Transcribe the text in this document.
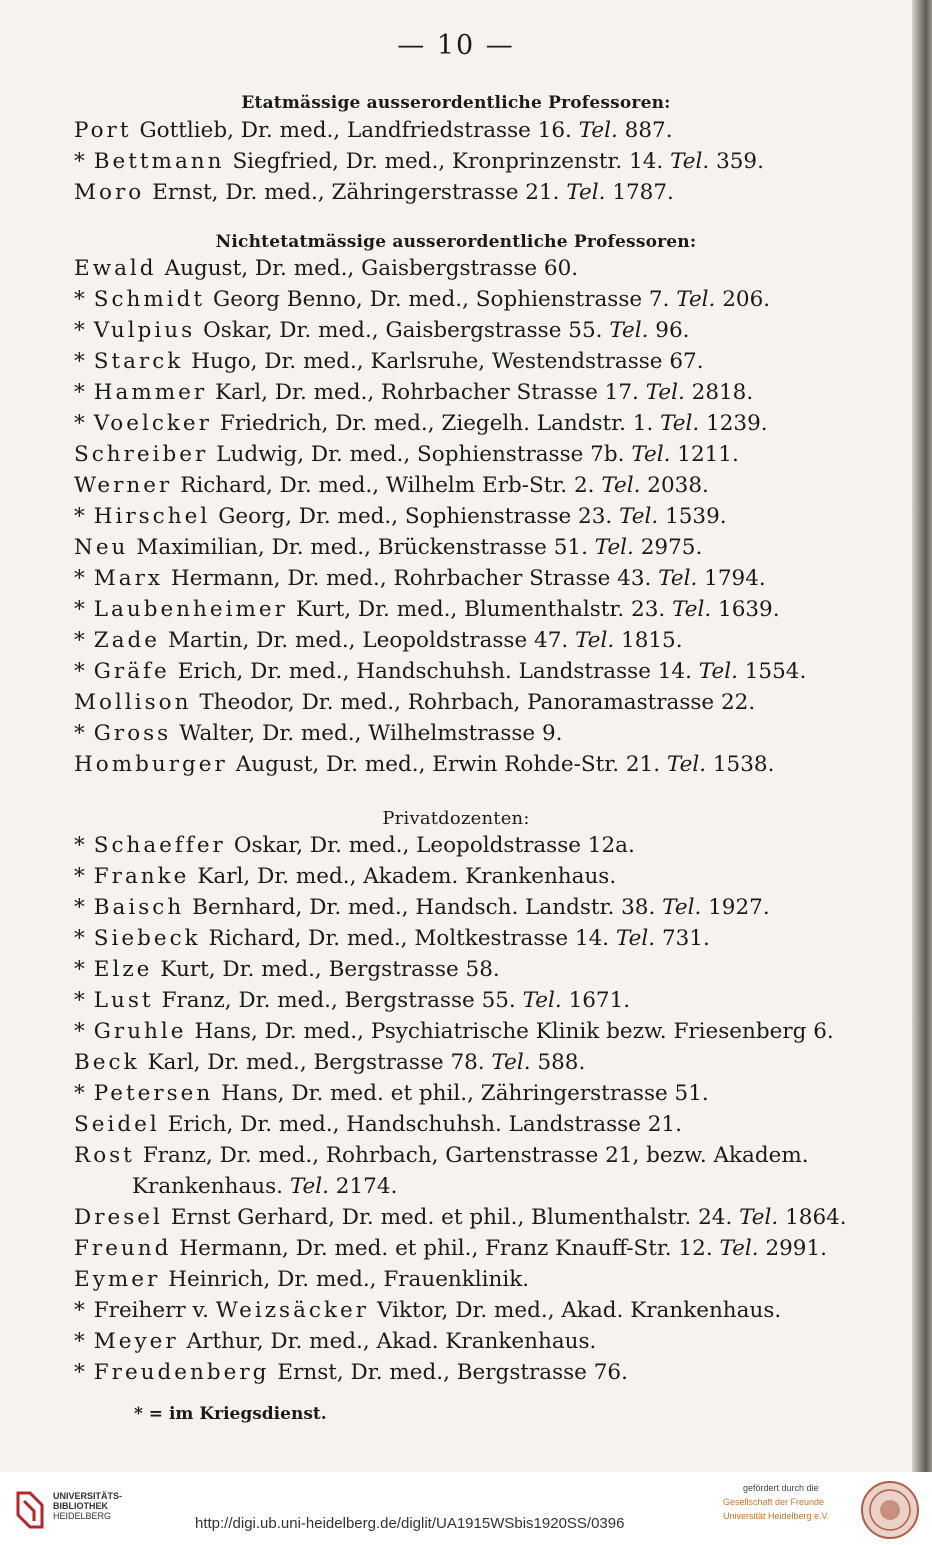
— 10 —
Etatmässige ausserordentliche Professoren:
Port Gottlieb, Dr. med., Landfriedstrasse 16. Tel. 887.
* Bettmann Siegfried, Dr. med., Kronprinzenstr. 14. Tel. 359.
Moro Ernst, Dr. med., Zähringerstrasse 21. Tel. 1787.
Nichtetatmässige ausserordentliche Professoren:
Ewald August, Dr. med., Gaisbergstrasse 60.
* Schmidt Georg Benno, Dr. med., Sophienstrasse 7. Tel. 206.
* Vulpius Oskar, Dr. med., Gaisbergstrasse 55. Tel. 96.
* Starck Hugo, Dr. med., Karlsruhe, Westendstrasse 67.
* Hammer Karl, Dr. med., Rohrbacher Strasse 17. Tel. 2818.
* Voelcker Friedrich, Dr. med., Ziegelh. Landstr. 1. Tel. 1239.
Schreiber Ludwig, Dr. med., Sophienstrasse 7b. Tel. 1211.
Werner Richard, Dr. med., Wilhelm Erb-Str. 2. Tel. 2038.
* Hirschel Georg, Dr. med., Sophienstrasse 23. Tel. 1539.
Neu Maximilian, Dr. med., Brückenstrasse 51. Tel. 2975.
* Marx Hermann, Dr. med., Rohrbacher Strasse 43. Tel. 1794.
* Laubenheimer Kurt, Dr. med., Blumenthalstr. 23. Tel. 1639.
* Zade Martin, Dr. med., Leopoldstrasse 47. Tel. 1815.
* Gräfe Erich, Dr. med., Handschuhsh. Landstrasse 14. Tel. 1554.
Mollison Theodor, Dr. med., Rohrbach, Panoramastrasse 22.
* Gross Walter, Dr. med., Wilhelmstrasse 9.
Homburger August, Dr. med., Erwin Rohde-Str. 21. Tel. 1538.
Privatdozenten:
* Schaeffer Oskar, Dr. med., Leopoldstrasse 12a.
* Franke Karl, Dr. med., Akadem. Krankenhaus.
* Baisch Bernhard, Dr. med., Handsch. Landstr. 38. Tel. 1927.
* Siebeck Richard, Dr. med., Moltkestrasse 14. Tel. 731.
* Elze Kurt, Dr. med., Bergstrasse 58.
* Lust Franz, Dr. med., Bergstrasse 55. Tel. 1671.
* Gruhle Hans, Dr. med., Psychiatrische Klinik bezw. Friesenberg 6.
Beck Karl, Dr. med., Bergstrasse 78. Tel. 588.
* Petersen Hans, Dr. med. et phil., Zähringerstrasse 51.
Seidel Erich, Dr. med., Handschuhsh. Landstrasse 21.
Rost Franz, Dr. med., Rohrbach, Gartenstrasse 21, bezw. Akadem.
Krankenhaus. Tel. 2174.
Dresel Ernst Gerhard, Dr. med. et phil., Blumenthalstr. 24. Tel. 1864.
Freund Hermann, Dr. med. et phil., Franz Knauff-Str. 12. Tel. 2991.
Eymer Heinrich, Dr. med., Frauenklinik.
* Freiherr v. Weizsäcker Viktor, Dr. med., Akad. Krankenhaus.
* Meyer Arthur, Dr. med., Akad. Krankenhaus.
* Freudenberg Ernst, Dr. med., Bergstrasse 76.
* = im Kriegsdienst.
UNIVERSITÄTS-
BIBLIOTHEK
HEIDELBERG	http://digi.ub.uni-heidelberg.de/diglit/UA1915WSbis1920SS/0396
gefördert durch die
Gesellschaft der Freunde
Universität Heidelberg e.V.
